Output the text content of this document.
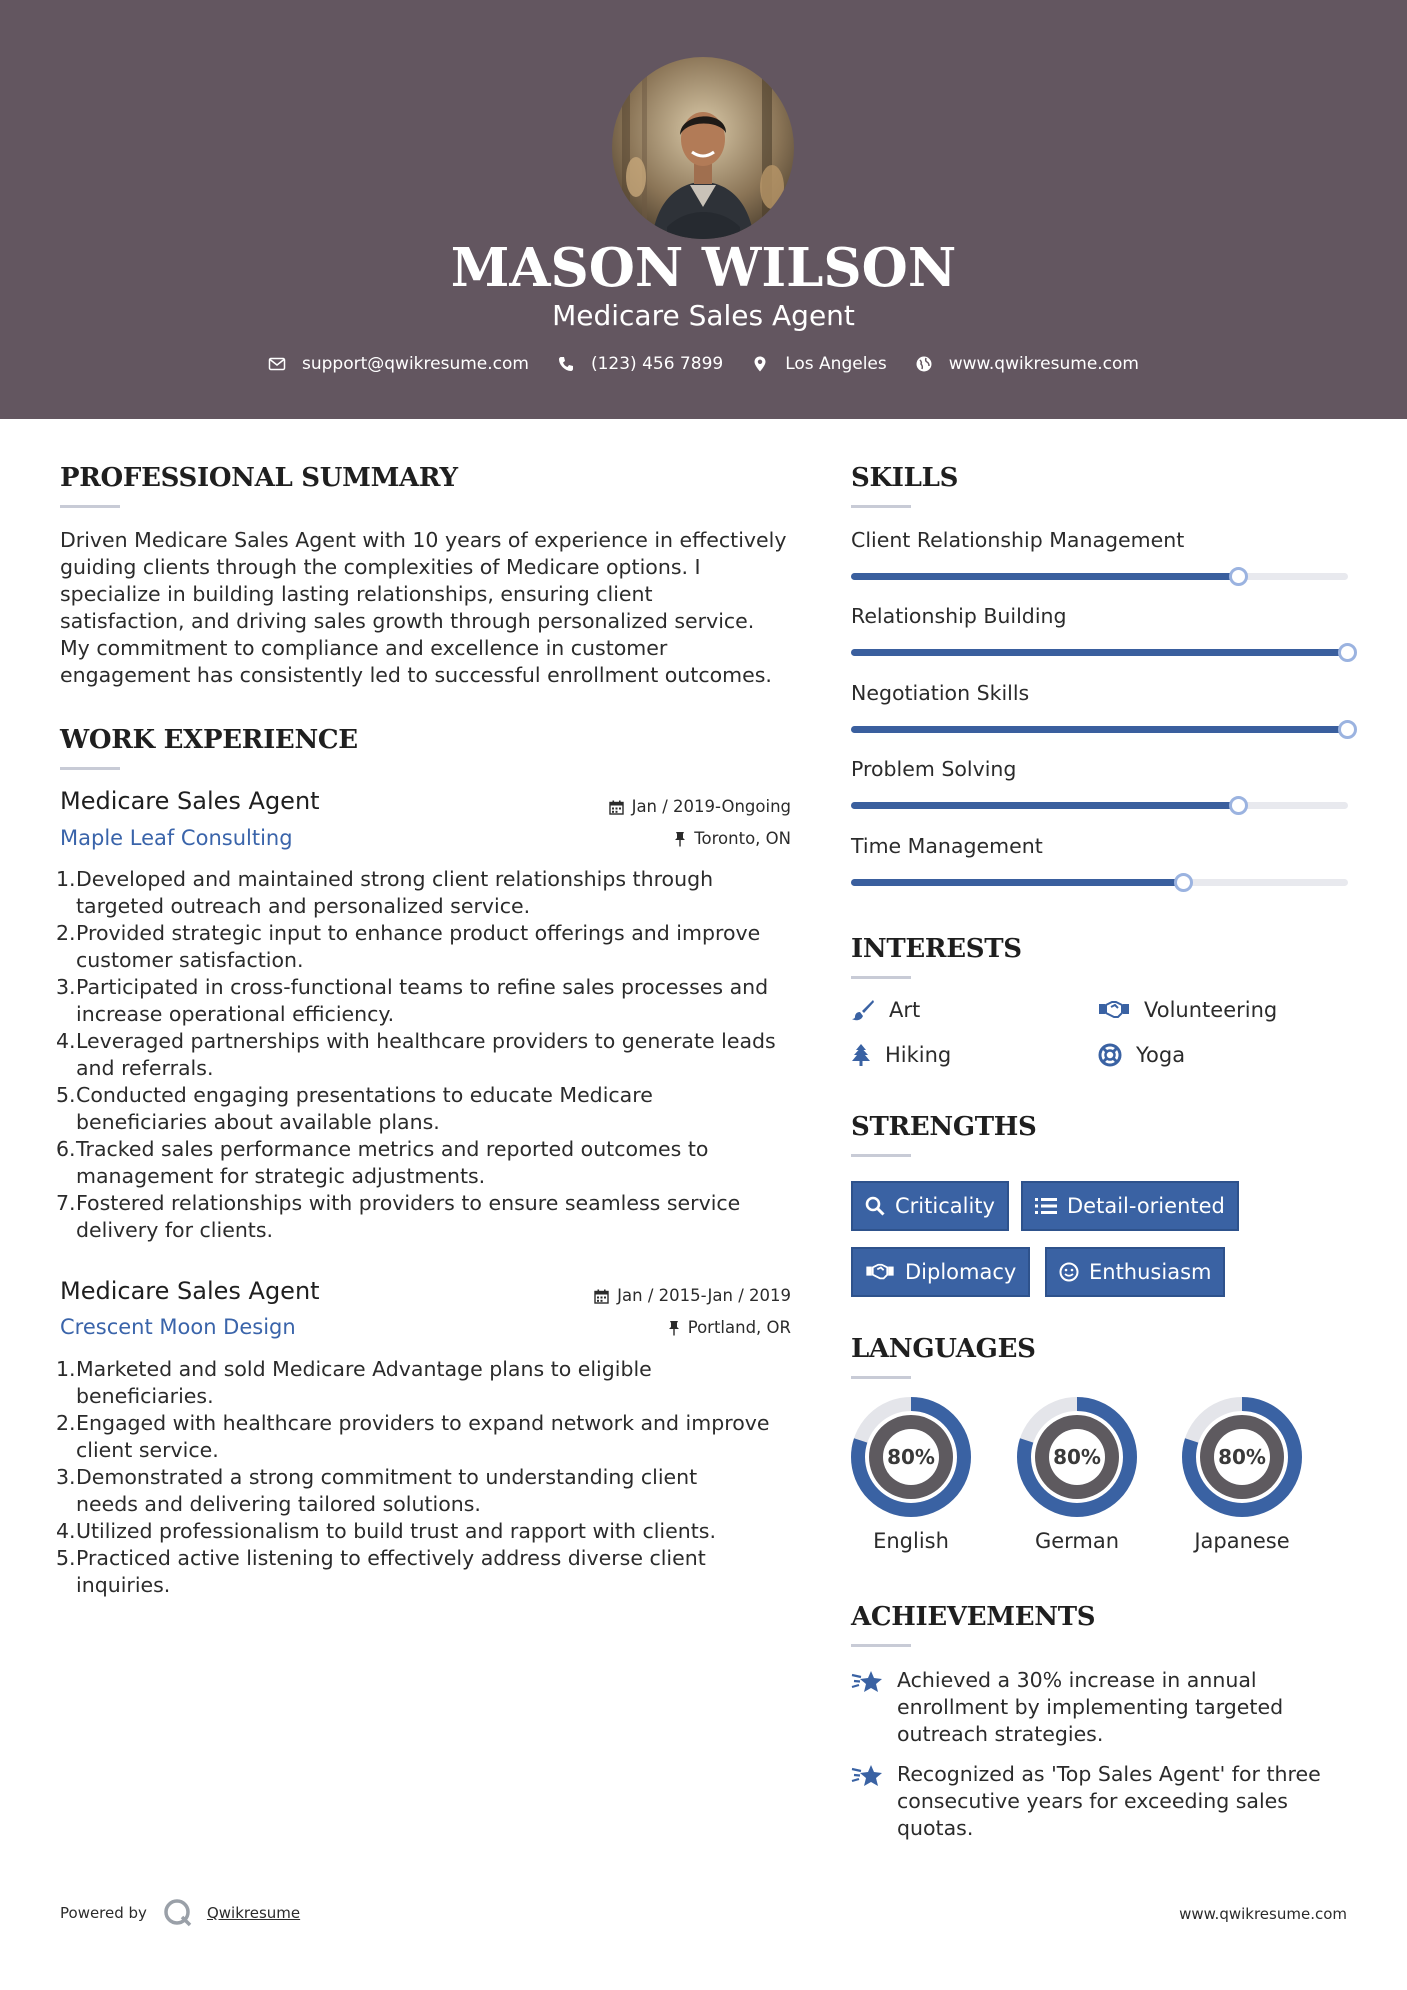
MASON WILSON
Medicare Sales Agent
support@qwikresume.com	(123) 456 7899	Los Angeles	www.qwikresume.com
PROFESSIONAL SUMMARY
Driven Medicare Sales Agent with 10 years of experience in effectively
guiding clients through the complexities of Medicare options. I
specialize in building lasting relationships, ensuring client
satisfaction, and driving sales growth through personalized service.
My commitment to compliance and excellence in customer
engagement has consistently led to successful enrollment outcomes.
WORK EXPERIENCE
Medicare Sales Agent	Jan / 2019-Ongoing
Maple Leaf Consulting	Toronto, ON
1. Developed and maintained strong client relationships through
targeted outreach and personalized service.
2. Provided strategic input to enhance product offerings and improve
customer satisfaction.
3. Participated in cross-functional teams to refine sales processes and
increase operational efficiency.
4. Leveraged partnerships with healthcare providers to generate leads
and referrals.
5. Conducted engaging presentations to educate Medicare
beneficiaries about available plans.
6. Tracked sales performance metrics and reported outcomes to
management for strategic adjustments.
7. Fostered relationships with providers to ensure seamless service
delivery for clients.
Medicare Sales Agent	Jan / 2015-Jan / 2019
Crescent Moon Design	Portland, OR
1. Marketed and sold Medicare Advantage plans to eligible
beneficiaries.
2. Engaged with healthcare providers to expand network and improve
client service.
3. Demonstrated a strong commitment to understanding client
needs and delivering tailored solutions.
4. Utilized professionalism to build trust and rapport with clients.
5. Practiced active listening to effectively address diverse client
inquiries.
SKILLS
Client Relationship Management
Relationship Building
Negotiation Skills
Problem Solving
Time Management
INTERESTS
Art	Volunteering
Hiking	Yoga
STRENGTHS
Criticality	Detail-oriented
Diplomacy	Enthusiasm
LANGUAGES
80%
English
80%
German
80%
Japanese
ACHIEVEMENTS
Achieved a 30% increase in annual
enrollment by implementing targeted
outreach strategies.
Recognized as 'Top Sales Agent' for three
consecutive years for exceeding sales
quotas.
Powered by	Qwikresume	www.qwikresume.com
